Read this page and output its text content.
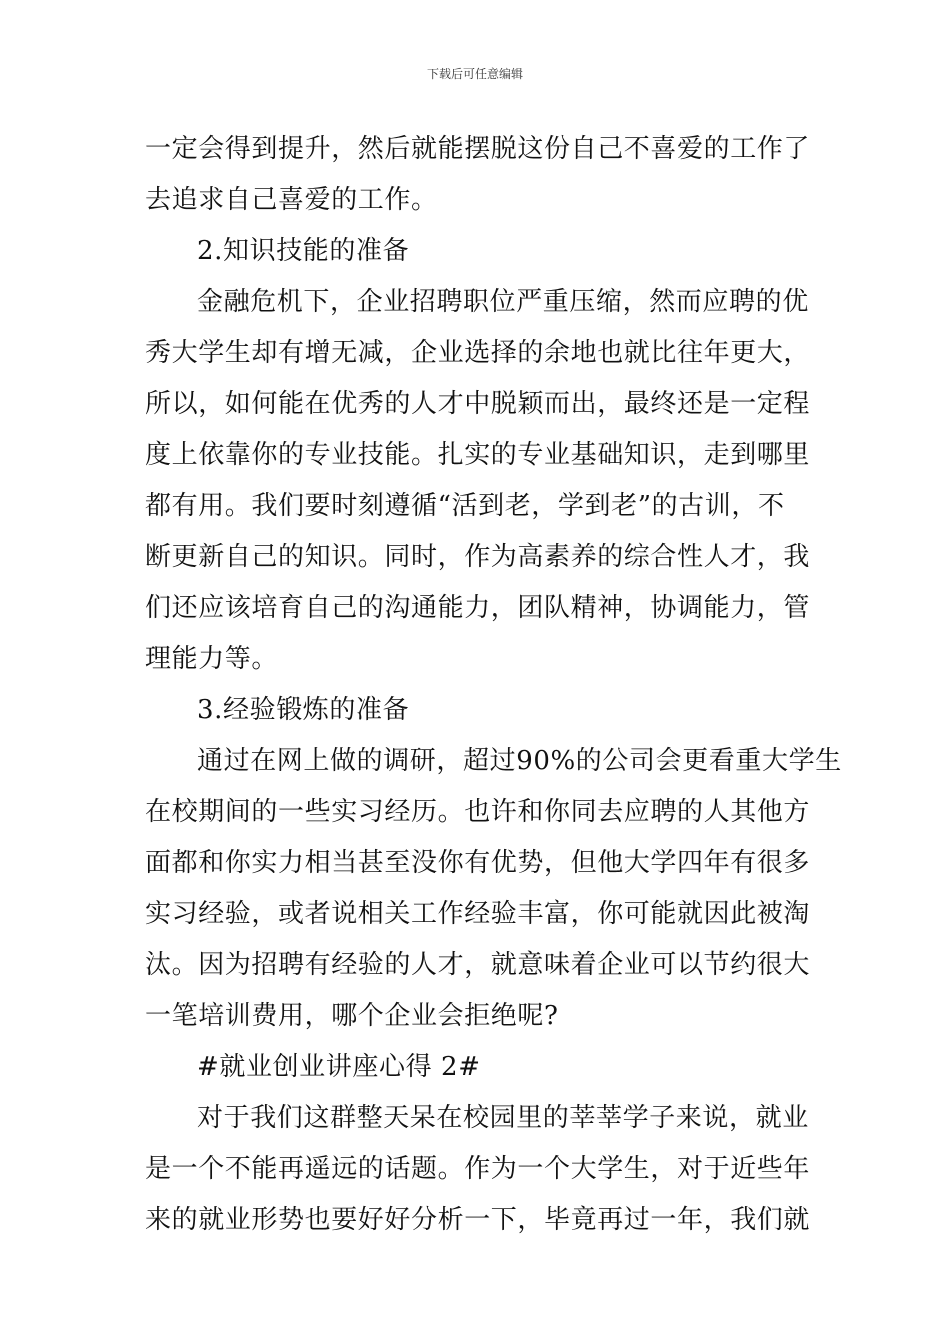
下载后可任意编辑
一定会得到提升，然后就能摆脱这份自己不喜爱的工作了
去追求自己喜爱的工作。
2.知识技能的准备
金融危机下，企业招聘职位严重压缩，然而应聘的优
秀大学生却有增无减，企业选择的余地也就比往年更大，
所以，如何能在优秀的人才中脱颖而出，最终还是一定程
度上依靠你的专业技能。扎实的专业基础知识，走到哪里
都有用。我们要时刻遵循“活到老，学到老”的古训，不
断更新自己的知识。同时，作为高素养的综合性人才，我
们还应该培育自己的沟通能力，团队精神，协调能力，管
理能力等。
3.经验锻炼的准备
通过在网上做的调研，超过90%的公司会更看重大学生
在校期间的一些实习经历。也许和你同去应聘的人其他方
面都和你实力相当甚至没你有优势，但他大学四年有很多
实习经验，或者说相关工作经验丰富，你可能就因此被淘
汰。因为招聘有经验的人才，就意味着企业可以节约很大
一笔培训费用，哪个企业会拒绝呢?
#就业创业讲座心得 2#
对于我们这群整天呆在校园里的莘莘学子来说，就业
是一个不能再遥远的话题。作为一个大学生，对于近些年
来的就业形势也要好好分析一下，毕竟再过一年，我们就
